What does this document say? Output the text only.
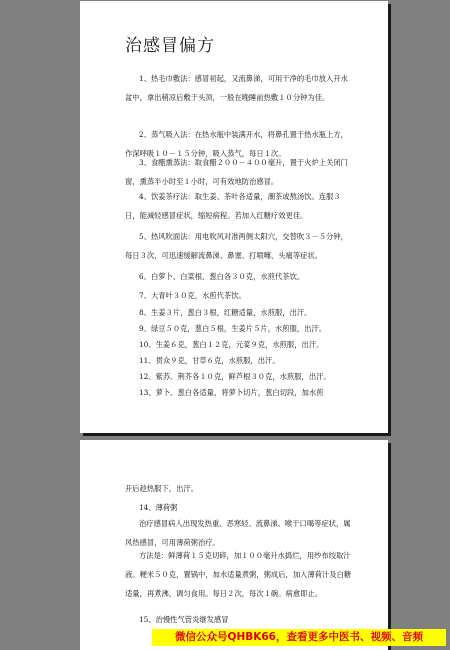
治感冒偏方

1、热毛巾敷法：感冒初起，又流鼻涕，可用干净的毛巾放入开水盆中，拿出稍凉后敷于头顶，一般在晚睡前热敷１０分钟为佳。

2、蒸气吸入法：在热水瓶中装满开水，将鼻孔置于热水瓶上方，作深呼吸１０－１５分钟，吸入蒸气，每日１次。

3、食醋熏蒸法：取食醋２００－４００毫升，置于火炉上关闭门窗，熏蒸半小时至１小时，可有效地防治感冒。

4、饮姜茶疗法：取生姜、茶叶各适量，潮茶或熬汤饮。连服３日，能减轻感冒症状，缩短病程。若加入红糖疗效更佳。

5、热风吹面法：用电吹风对准两侧太阳穴，交替吹３－５分钟，每日３次，可迅速缓解流鼻涕、鼻塞、打喷嚏、头痛等症状。

6、白萝卜、白菜根、葱白各３０克，水煎代茶饮。

7、大青叶３０克，水煎代茶饮。

8、生姜３片，葱白３根，红糖适量，水煎服，出汗。

9、绿豆５０克，葱白５根，生姜片５片，水煎服，出汗。

10、生姜６克，葱白１２克，元荽９克，水煎服，出汗。

11、贯众９克，甘草６克，水煎服，出汗。

12、紫苏、荆芥各１０克，鲜芦根３０克，水煎服，出汗。

13、萝卜、葱白各适量，将萝卜切片，葱白切段，加水煎

开后趁热服下，出汗。

14、薄荷粥

治疗感冒病人出现发热重、恶寒轻、流鼻涕、喉干口喝等症状，属风热感冒，可用薄荷粥治疗。

方法是：鲜薄荷１５克切碎，加１００毫升水捣烂，用纱布绞取汁液。粳米５０克，置锅中，加水适量煮粥，粥成后，加入薄荷汁及白糖适量，再煮沸，调匀食用。每日２次，每次１碗。病愈即止。

15、治慢性气管炎继发感冒

微信公众号QHBK66，查看更多中医书、视频、音频
